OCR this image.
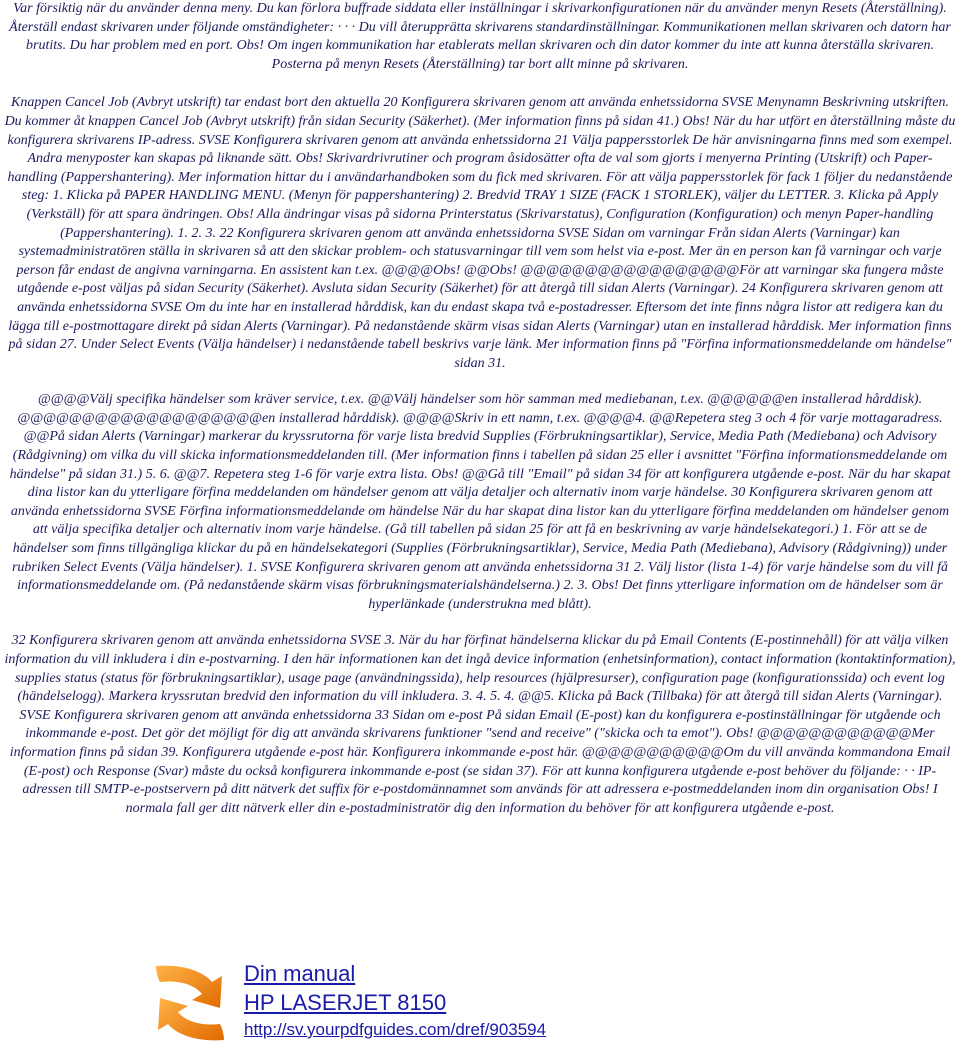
Var försiktig när du använder denna meny. Du kan förlora buffrade siddata eller inställningar i skrivarkonfigurationen när du använder menyn Resets (Återställning). Återställ endast skrivaren under följande omständigheter: · · · Du vill återupprätta skrivarens standardinställningar. Kommunikationen mellan skrivaren och datorn har brutits. Du har problem med en port. Obs! Om ingen kommunikation har etablerats mellan skrivaren och din dator kommer du inte att kunna återställa skrivaren. Posterna på menyn Resets (Återställning) tar bort allt minne på skrivaren.

Knappen Cancel Job (Avbryt utskrift) tar endast bort den aktuella 20 Konfigurera skrivaren genom att använda enhetssidorna SVSE Menynamn Beskrivning utskriften. Du kommer åt knappen Cancel Job (Avbryt utskrift) från sidan Security (Säkerhet). (Mer information finns på sidan 41.) Obs! När du har utfört en återställning måste du konfigurera skrivarens IP-adress. SVSE Konfigurera skrivaren genom att använda enhetssidorna 21 Välja pappersstorlek De här anvisningarna finns med som exempel. Andra menyposter kan skapas på liknande sätt. Obs! Skrivardrivrutiner och program åsidosätter ofta de val som gjorts i menyerna Printing (Utskrift) och Paper-handling (Pappershantering). Mer information hittar du i användarhandboken som du fick med skrivaren. För att välja pappersstorlek för fack 1 följer du nedanstående steg: 1. Klicka på PAPER HANDLING MENU. (Menyn för pappershantering) 2. Bredvid TRAY 1 SIZE (FACK 1 STORLEK), väljer du LETTER. 3. Klicka på Apply (Verkställ) för att spara ändringen. Obs! Alla ändringar visas på sidorna Printerstatus (Skrivarstatus), Configuration (Konfiguration) och menyn Paper-handling (Pappershantering). 1. 2. 3. 22 Konfigurera skrivaren genom att använda enhetssidorna SVSE Sidan om varningar Från sidan Alerts (Varningar) kan systemadministratören ställa in skrivaren så att den skickar problem- och statusvarningar till vem som helst via e-post. Mer än en person kan få varningar och varje person får endast de angivna varningarna. En assistent kan t.ex. @@@@Obs! @@Obs! @@@@@@@@@@@@@@@@@För att varningar ska fungera måste utgående e-post väljas på sidan Security (Säkerhet). Avsluta sidan Security (Säkerhet) för att återgå till sidan Alerts (Varningar). 24 Konfigurera skrivaren genom att använda enhetssidorna SVSE Om du inte har en installerad hårddisk, kan du endast skapa två e-postadresser. Eftersom det inte finns några listor att redigera kan du lägga till e-postmottagare direkt på sidan Alerts (Varningar). På nedanstående skärm visas sidan Alerts (Varningar) utan en installerad hårddisk. Mer information finns på sidan 27. Under Select Events (Välja händelser) i nedanstående tabell beskrivs varje länk. Mer information finns på "Förfina informationsmeddelande om händelse" sidan 31.

@@@@Välj specifika händelser som kräver service, t.ex. @@Välj händelser som hör samman med mediebanan, t.ex. @@@@@@en installerad hårddisk). @@@@@@@@@@@@@@@@@@@en installerad hårddisk). @@@@Skriv in ett namn, t.ex. @@@@4. @@Repetera steg 3 och 4 för varje mottagaradress. @@På sidan Alerts (Varningar) markerar du kryssrutorna för varje lista bredvid Supplies (Förbrukningsartiklar), Service, Media Path (Mediebana) och Advisory (Rådgivning) om vilka du vill skicka informationsmeddelanden till. (Mer information finns i tabellen på sidan 25 eller i avsnittet "Förfina informationsmeddelande om händelse" på sidan 31.) 5. 6. @@7. Repetera steg 1-6 för varje extra lista. Obs! @@Gå till "Email" på sidan 34 för att konfigurera utgående e-post. När du har skapat dina listor kan du ytterligare förfina meddelanden om händelser genom att välja detaljer och alternativ inom varje händelse. 30 Konfigurera skrivaren genom att använda enhetssidorna SVSE Förfina informationsmeddelande om händelse När du har skapat dina listor kan du ytterligare förfina meddelanden om händelser genom att välja specifika detaljer och alternativ inom varje händelse. (Gå till tabellen på sidan 25 för att få en beskrivning av varje händelsekategori.) 1. För att se de händelser som finns tillgängliga klickar du på en händelsekategori (Supplies (Förbrukningsartiklar), Service, Media Path (Mediebana), Advisory (Rådgivning)) under rubriken Select Events (Välja händelser). 1. SVSE Konfigurera skrivaren genom att använda enhetssidorna 31 2. Välj listor (lista 1-4) för varje händelse som du vill få informationsmeddelande om. (På nedanstående skärm visas förbrukningsmaterialshändelserna.) 2. 3. Obs! Det finns ytterligare information om de händelser som är hyperlänkade (understrukna med blått).

32 Konfigurera skrivaren genom att använda enhetssidorna SVSE 3. När du har förfinat händelserna klickar du på Email Contents (E-postinnehåll) för att välja vilken information du vill inkludera i din e-postvarning. I den här informationen kan det ingå device information (enhetsinformation), contact information (kontaktinformation), supplies status (status för förbrukningsartiklar), usage page (användningssida), help resources (hjälpresurser), configuration page (konfigurationssida) och event log (händelselogg). Markera kryssrutan bredvid den information du vill inkludera. 3. 4. 5. 4. @@5. Klicka på Back (Tillbaka) för att återgå till sidan Alerts (Varningar). SVSE Konfigurera skrivaren genom att använda enhetssidorna 33 Sidan om e-post På sidan Email (E-post) kan du konfigurera e-postinställningar för utgående och inkommande e-post. Det gör det möjligt för dig att använda skrivarens funktioner "send and receive" ("skicka och ta emot"). Obs! @@@@@@@@@@@@Mer information finns på sidan 39. Konfigurera utgående e-post här. Konfigurera inkommande e-post här. @@@@@@@@@@@Om du vill använda kommandona Email (E-post) och Response (Svar) måste du också konfigurera inkommande e-post (se sidan 37). För att kunna konfigurera utgående e-post behöver du följande: · · IP-adressen till SMTP-e-postservern på ditt nätverk det suffix för e-postdomännamnet som används för att adressera e-postmeddelanden inom din organisation Obs! I normala fall ger ditt nätverk eller din e-postadministratör dig den information du behöver för att konfigurera utgående e-post.

Din manual
HP LASERJET 8150
http://sv.yourpdfguides.com/dref/903594
